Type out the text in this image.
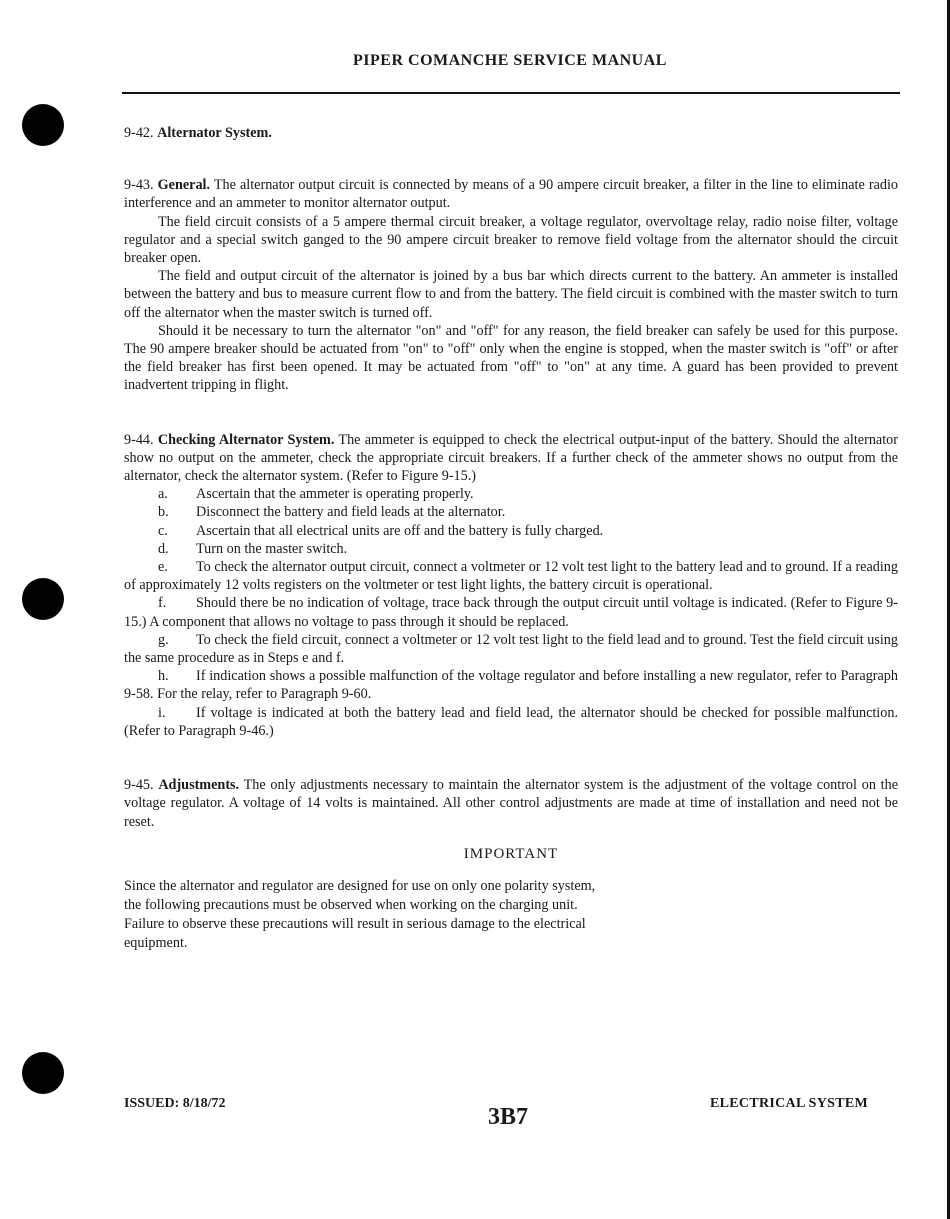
PIPER COMANCHE SERVICE MANUAL

9-42. Alternator System.

9-43. General. The alternator output circuit is connected by means of a 90 ampere circuit breaker, a filter in the line to eliminate radio interference and an ammeter to monitor alternator output.

The field circuit consists of a 5 ampere thermal circuit breaker, a voltage regulator, overvoltage relay, radio noise filter, voltage regulator and a special switch ganged to the 90 ampere circuit breaker to remove field voltage from the alternator should the circuit breaker open.

The field and output circuit of the alternator is joined by a bus bar which directs current to the battery. An ammeter is installed between the battery and bus to measure current flow to and from the battery. The field circuit is combined with the master switch to turn off the alternator when the master switch is turned off.

Should it be necessary to turn the alternator "on" and "off" for any reason, the field breaker can safely be used for this purpose. The 90 ampere breaker should be actuated from "on" to "off" only when the engine is stopped, when the master switch is "off" or after the field breaker has first been opened. It may be actuated from "off" to "on" at any time. A guard has been provided to prevent inadvertent tripping in flight.

9-44. Checking Alternator System. The ammeter is equipped to check the electrical output-input of the battery. Should the alternator show no output on the ammeter, check the appropriate circuit breakers. If a further check of the ammeter shows no output from the alternator, check the alternator system. (Refer to Figure 9-15.)

a. Ascertain that the ammeter is operating properly.

b. Disconnect the battery and field leads at the alternator.

c. Ascertain that all electrical units are off and the battery is fully charged.

d. Turn on the master switch.

e. To check the alternator output circuit, connect a voltmeter or 12 volt test light to the battery lead and to ground. If a reading of approximately 12 volts registers on the voltmeter or test light lights, the battery circuit is operational.

f. Should there be no indication of voltage, trace back through the output circuit until voltage is indicated. (Refer to Figure 9-15.) A component that allows no voltage to pass through it should be replaced.

g. To check the field circuit, connect a voltmeter or 12 volt test light to the field lead and to ground. Test the field circuit using the same procedure as in Steps e and f.

h. If indication shows a possible malfunction of the voltage regulator and before installing a new regulator, refer to Paragraph 9-58. For the relay, refer to Paragraph 9-60.

i. If voltage is indicated at both the battery lead and field lead, the alternator should be checked for possible malfunction. (Refer to Paragraph 9-46.)

9-45. Adjustments. The only adjustments necessary to maintain the alternator system is the adjustment of the voltage control on the voltage regulator. A voltage of 14 volts is maintained. All other control adjustments are made at time of installation and need not be reset.

IMPORTANT

Since the alternator and regulator are designed for use on only one polarity system, the following precautions must be observed when working on the charging unit. Failure to observe these precautions will result in serious damage to the electrical equipment.

ISSUED: 8/18/72
3B7
ELECTRICAL SYSTEM
